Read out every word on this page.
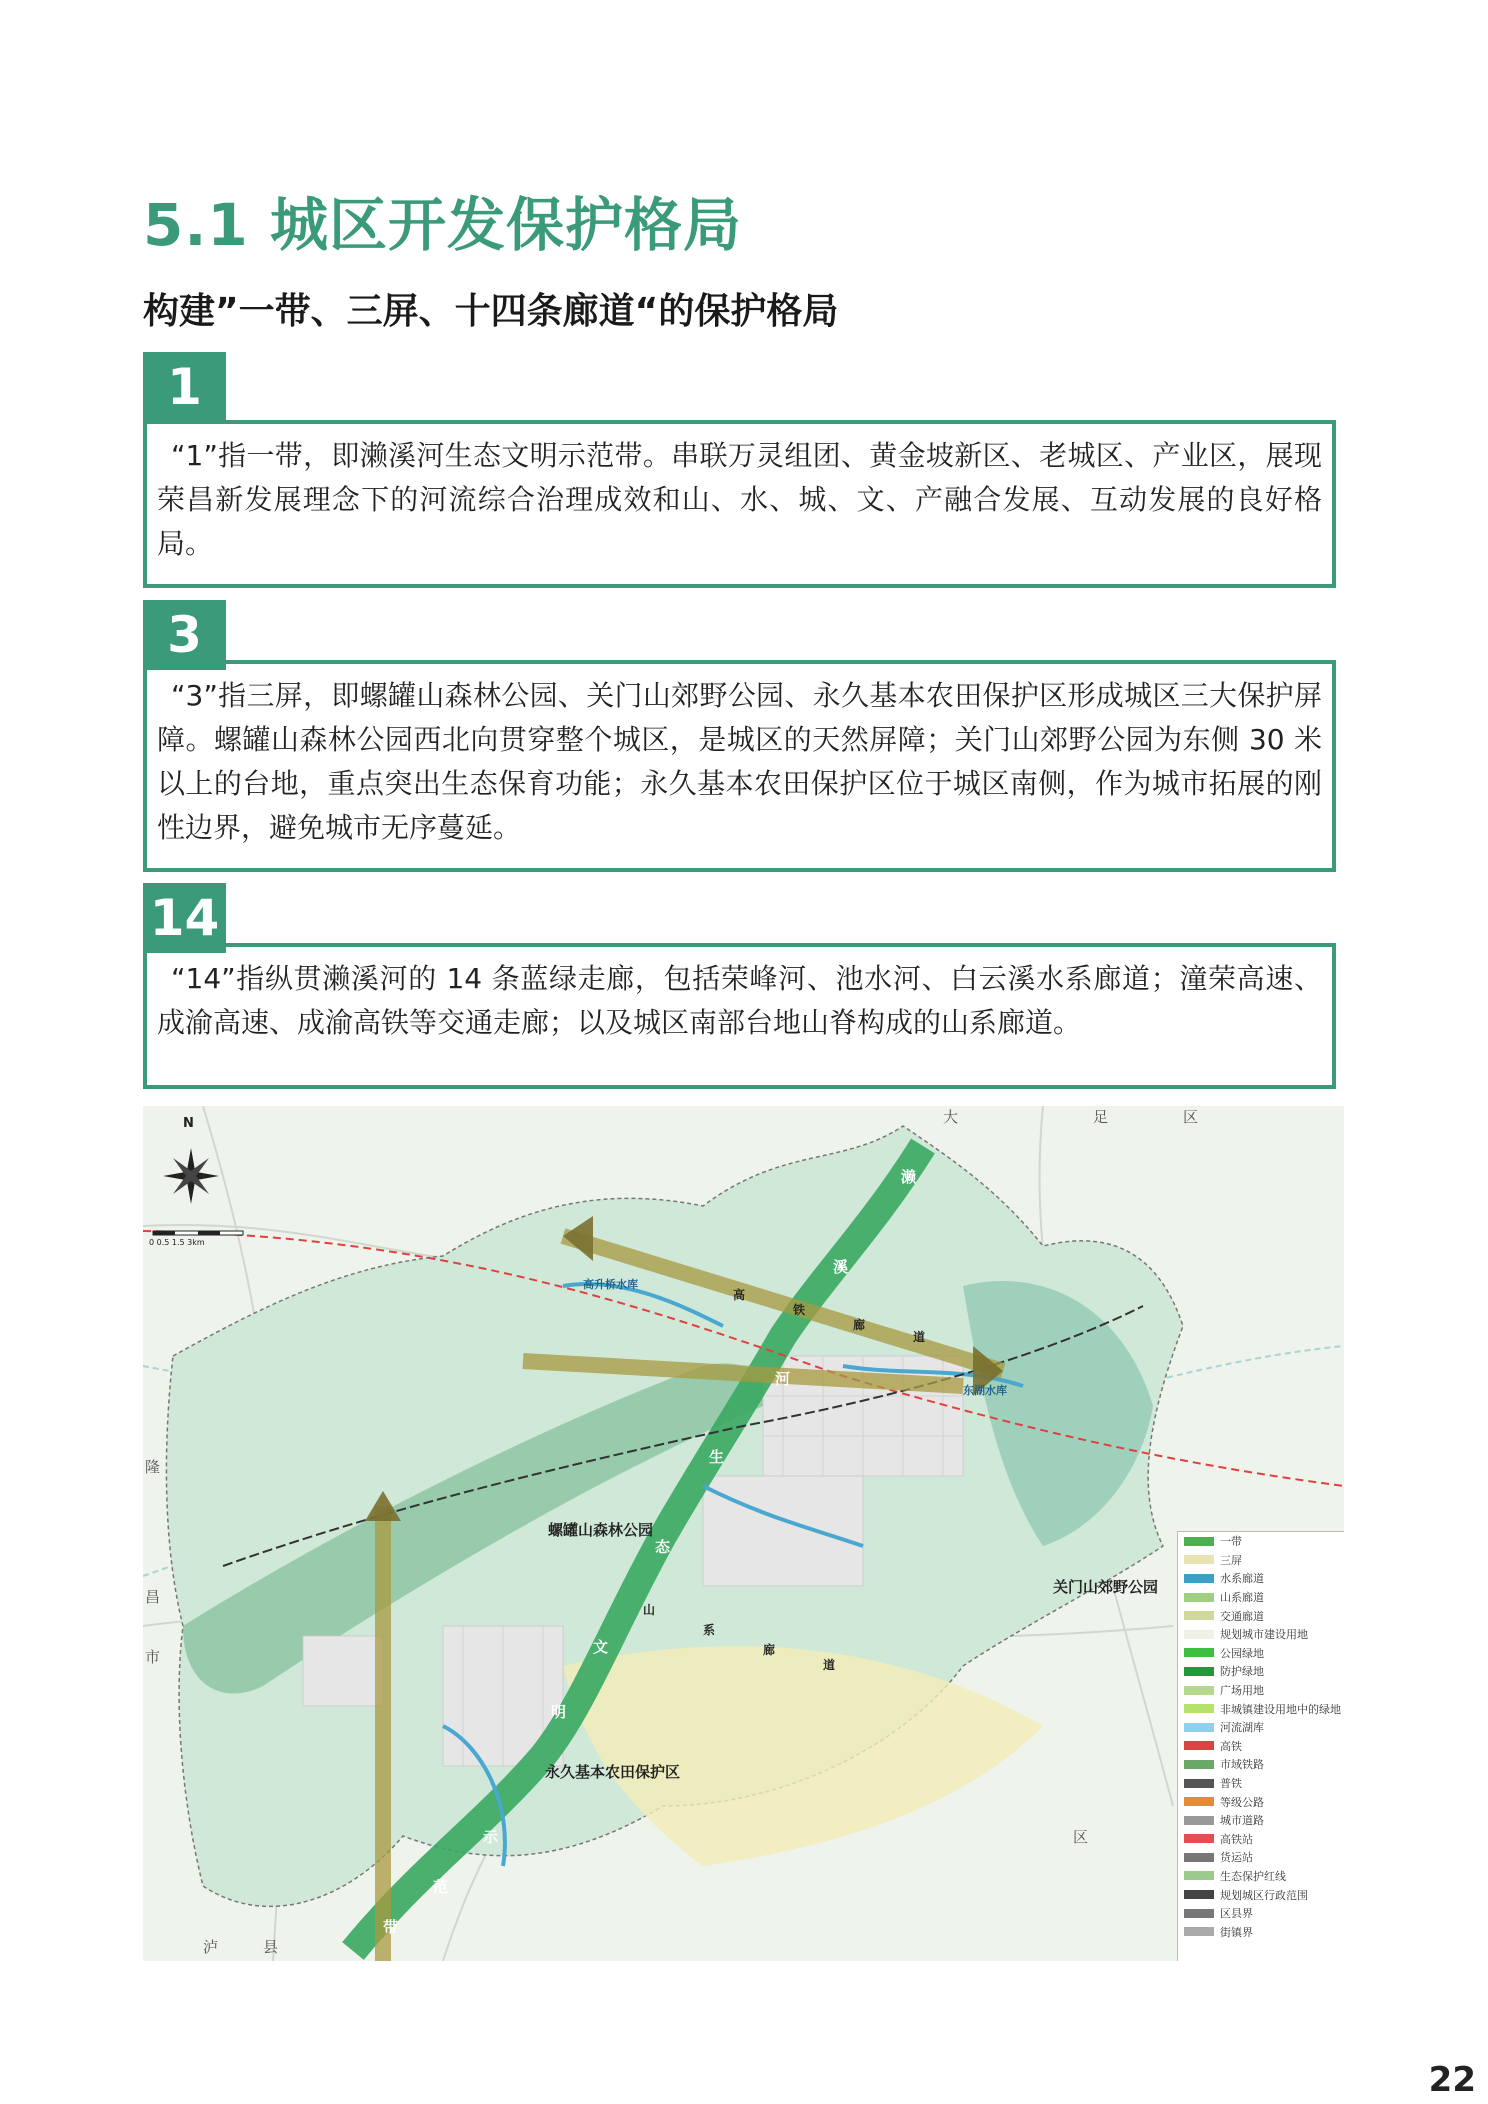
5.1 城区开发保护格局
构建”一带、三屏、十四条廊道“的保护格局
1

“1”指一带，即濑溪河生态文明示范带。串联万灵组团、黄金坡新区、老城区、产业区，展现荣昌新发展理念下的河流综合治理成效和山、水、城、文、产融合发展、互动发展的良好格局。

3

“3”指三屏，即螺罐山森林公园、关门山郊野公园、永久基本农田保护区形成城区三大保护屏障。螺罐山森林公园西北向贯穿整个城区，是城区的天然屏障；关门山郊野公园为东侧 30 米以上的台地，重点突出生态保育功能；永久基本农田保护区位于城区南侧，作为城市拓展的刚性边界，避免城市无序蔓延。

14

“14”指纵贯濑溪河的 14 条蓝绿走廊，包括荣峰河、池水河、白云溪水系廊道；潼荣高速、成渝高速、成渝高铁等交通走廊；以及城区南部台地山脊构成的山系廊道。

N
0 0.5 1.5 3km
螺罐山森林公园
关门山郊野公园
永久基本农田保护区
高升桥水库
东湖水库
濑
溪
河
生
态
文
明
示
范
带
高
铁
廊
道
山
系
廊
道
大	足	区
隆
昌
市
泸	县
区
一带
三屏
水系廊道
山系廊道
交通廊道
规划城市建设用地
公园绿地
防护绿地
广场用地
非城镇建设用地中的绿地
河流湖库
高铁
市域铁路
普铁
等级公路
城市道路
高铁站
货运站
生态保护红线
规划城区行政范围
区县界
街镇界
22
